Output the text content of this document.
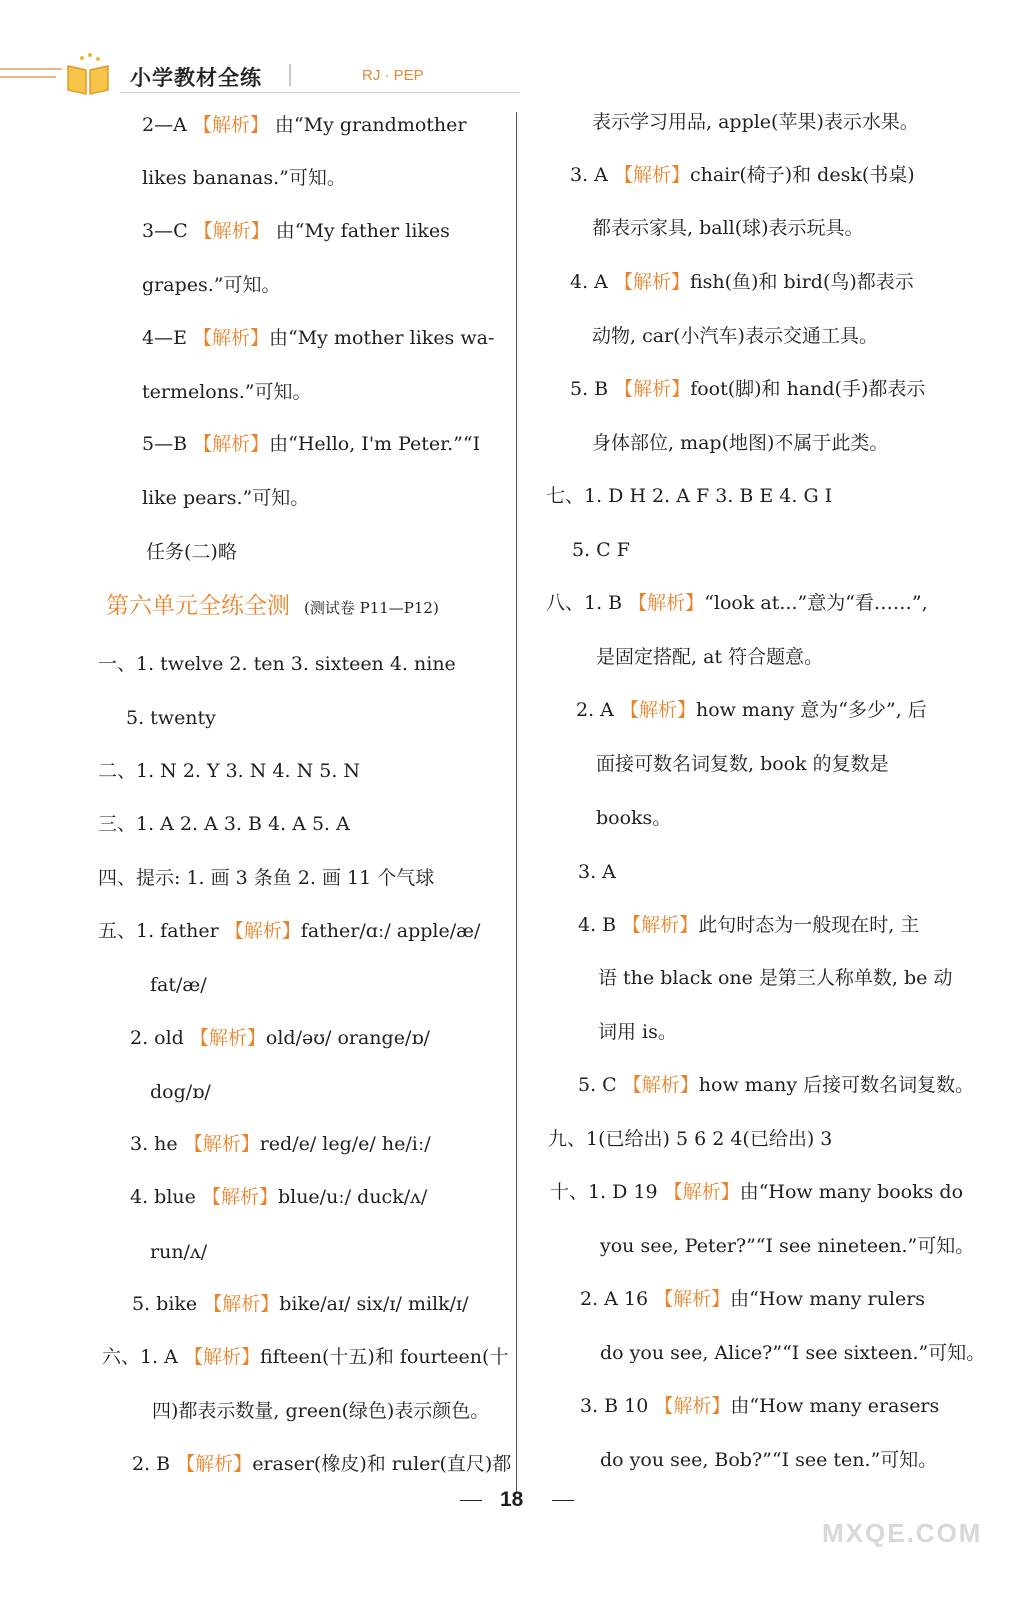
小学教材全练	RJ · PEP
2—A 【解析】 由“My grandmother
likes bananas.”可知。
3—C 【解析】 由“My father likes
grapes.”可知。
4—E 【解析】由“My mother likes wa-
termelons.”可知。
5—B 【解析】由“Hello, I'm Peter.”“I
like pears.”可知。
任务(二)略
第六单元全练全测 (测试卷 P11—P12)
一、1. twelve 2. ten 3. sixteen 4. nine
5. twenty
二、1. N 2. Y 3. N 4. N 5. N
三、1. A 2. A 3. B 4. A 5. A
四、提示: 1. 画 3 条鱼 2. 画 11 个气球
五、1. father 【解析】father/ɑː/ apple/æ/
fat/æ/
2. old 【解析】old/əʊ/ orange/ɒ/
dog/ɒ/
3. he 【解析】red/e/ leg/e/ he/iː/
4. blue 【解析】blue/uː/ duck/ʌ/
run/ʌ/
5. bike 【解析】bike/aɪ/ six/ɪ/ milk/ɪ/
六、1. A 【解析】fifteen(十五)和 fourteen(十
四)都表示数量, green(绿色)表示颜色。
2. B 【解析】eraser(橡皮)和 ruler(直尺)都
表示学习用品, apple(苹果)表示水果。
3. A 【解析】chair(椅子)和 desk(书桌)
都表示家具, ball(球)表示玩具。
4. A 【解析】fish(鱼)和 bird(鸟)都表示
动物, car(小汽车)表示交通工具。
5. B 【解析】foot(脚)和 hand(手)都表示
身体部位, map(地图)不属于此类。
七、1. D H 2. A F 3. B E 4. G I
5. C F
八、1. B 【解析】“look at...”意为“看……”,
是固定搭配, at 符合题意。
2. A 【解析】how many 意为“多少”, 后
面接可数名词复数, book 的复数是
books。
3. A
4. B 【解析】此句时态为一般现在时, 主
语 the black one 是第三人称单数, be 动
词用 is。
5. C 【解析】how many 后接可数名词复数。
九、1(已给出) 5 6 2 4(已给出) 3
十、1. D 19 【解析】由“How many books do
you see, Peter?”“I see nineteen.”可知。
2. A 16 【解析】由“How many rulers
do you see, Alice?”“I see sixteen.”可知。
3. B 10 【解析】由“How many erasers
do you see, Bob?”“I see ten.”可知。
18
MXQE.COM
